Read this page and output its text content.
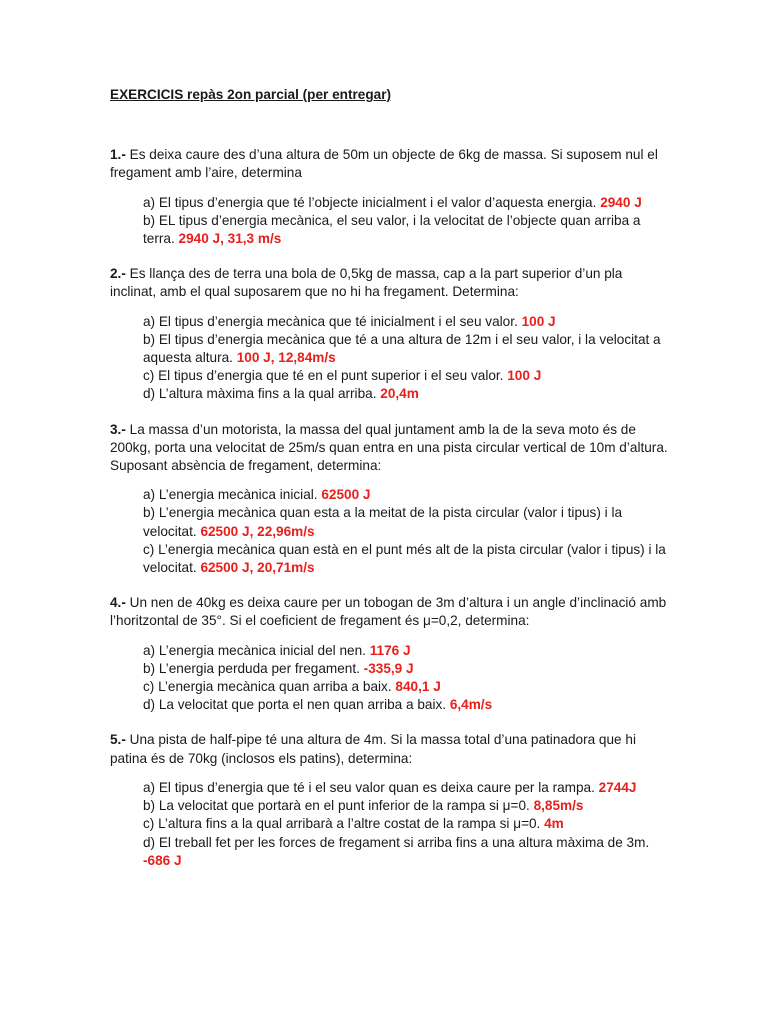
EXERCICIS repàs 2on parcial (per entregar)
1.- Es deixa caure des d’una altura de 50m un objecte de 6kg de massa. Si suposem nul el fregament amb l’aire, determina
a) El tipus d’energia que té l’objecte inicialment i el valor d’aquesta energia. 2940 J
b) EL tipus d’energia mecànica, el seu valor, i la velocitat de l’objecte quan arriba a terra. 2940 J, 31,3 m/s
2.- Es llança des de terra una bola de 0,5kg de massa, cap a la part superior d’un pla inclinat, amb el qual suposarem que no hi ha fregament. Determina:
a) El tipus d’energia mecànica que té inicialment i el seu valor. 100 J
b) El tipus d’energia mecànica que té a una altura de 12m i el seu valor, i la velocitat a aquesta altura. 100 J, 12,84m/s
c) El tipus d’energia que té en el punt superior i el seu valor. 100 J
d) L’altura màxima fins a la qual arriba. 20,4m
3.- La massa d’un motorista, la massa del qual juntament amb la de la seva moto és de 200kg, porta una velocitat de 25m/s quan entra en una pista circular vertical de 10m d’altura. Suposant absència de fregament, determina:
a) L’energia mecànica inicial. 62500 J
b) L’energia mecànica quan esta a la meitat de la pista circular (valor i tipus) i la velocitat. 62500 J, 22,96m/s
c) L’energia mecànica quan està en el punt més alt de la pista circular (valor i tipus) i la velocitat. 62500 J, 20,71m/s
4.- Un nen de 40kg es deixa caure per un tobogan de 3m d’altura i un angle d’inclinació amb l’horitzontal de 35°. Si el coeficient de fregament és μ=0,2, determina:
a) L’energia mecànica inicial del nen. 1176 J
b) L’energia perduda per fregament. -335,9 J
c) L’energia mecànica quan arriba a baix. 840,1 J
d) La velocitat que porta el nen quan arriba a baix. 6,4m/s
5.- Una pista de half-pipe té una altura de 4m. Si la massa total d’una patinadora que hi patina és de 70kg (inclosos els patins), determina:
a) El tipus d’energia que té i el seu valor quan es deixa caure per la rampa. 2744J
b) La velocitat que portarà en el punt inferior de la rampa si μ=0. 8,85m/s
c) L’altura fins a la qual arribarà a l’altre costat de la rampa si μ=0. 4m
d) El treball fet per les forces de fregament si arriba fins a una altura màxima de 3m. -686 J
